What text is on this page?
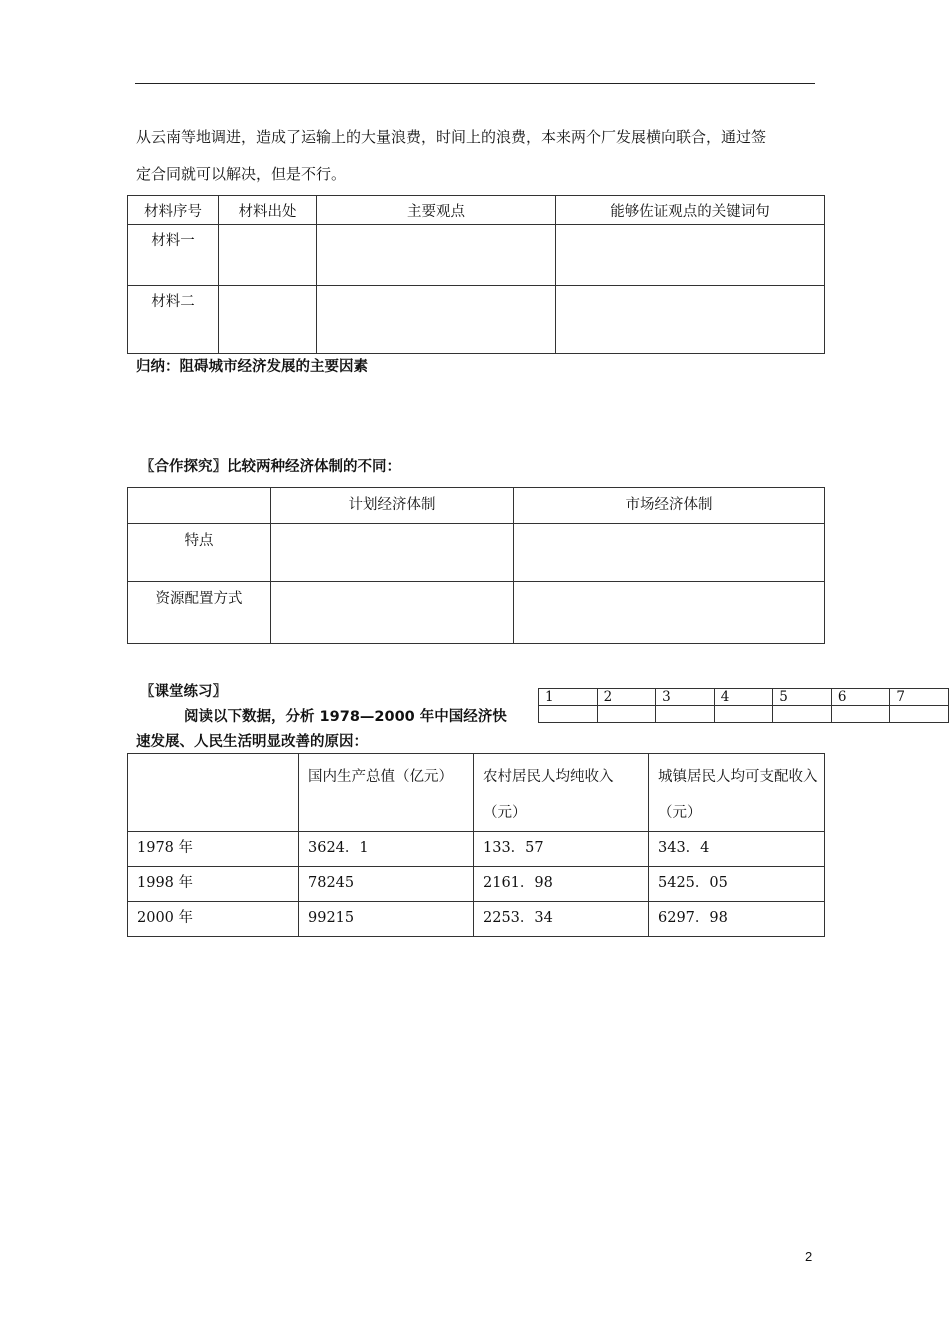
从云南等地调进，造成了运输上的大量浪费，时间上的浪费，本来两个厂发展横向联合，通过签
定合同就可以解决，但是不行。
材料序号	材料出处	主要观点	能够佐证观点的关键词句
材料一			
材料二			
归纳：阻碍城市经济发展的主要因素
〖合作探究〗比较两种经济体制的不同：
	计划经济体制	市场经济体制
特点		
资源配置方式		
〖课堂练习〗	1	2	3	4	5	6	7

阅读以下数据，分析 1978—2000 年中国经济快
速发展、人民生活明显改善的原因：
	国内生产总值（亿元）	农村居民人均纯收入（元）	城镇居民人均可支配收入（元）
1978 年	3624．1	133．57	343．4
1998 年	78245	2161．98	5425．05
2000 年	99215	2253．34	6297．98
2
